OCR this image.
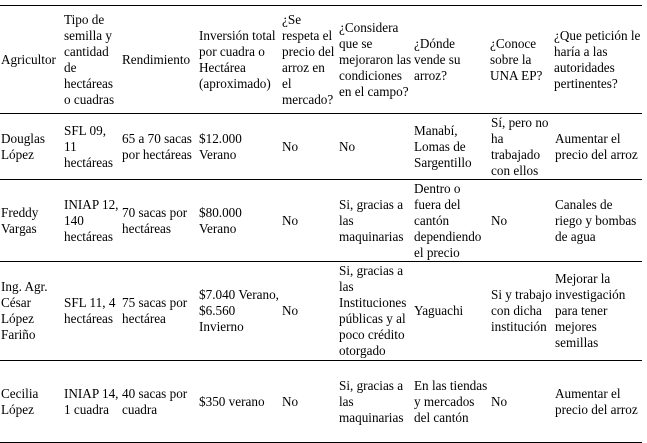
Agricultor	Tipo de semilla y cantidad de hectáreas o cuadras	Rendimiento	Inversión total por cuadra o Hectárea (aproximado)	¿Se respeta el precio del arroz en el mercado?	¿Considera que se mejoraron las condiciones en el campo?	¿Dónde vende su arroz?	¿Conoce sobre la UNA EP?	¿Que petición le haría a las autoridades pertinentes?
Douglas López	SFL 09, 11 hectáreas	65 a 70 sacas por hectáreas	$12.000 Verano	No	No	Manabí, Lomas de Sargentillo	Sí, pero no ha trabajado con ellos	Aumentar el precio del arroz
Freddy Vargas	INIAP 12, 140 hectáreas	70 sacas por hectáreas	$80.000 Verano	No	Si, gracias a las maquinarias	Dentro o fuera del cantón dependiendo el precio	No	Canales de riego y bombas de agua
Ing. Agr. César López Fariño	SFL 11, 4 hectáreas	75 sacas por hectárea	$7.040 Verano, $6.560 Invierno	No	Si, gracias a las Instituciones públicas y al poco crédito otorgado	Yaguachi	Si y trabajo con dicha institución	Mejorar la investigación para tener mejores semillas
Cecilia López	INIAP 14, 1 cuadra	40 sacas por cuadra	$350 verano	No	Si, gracias a las maquinarias	En las tiendas y mercados del cantón	No	Aumentar el precio del arroz
